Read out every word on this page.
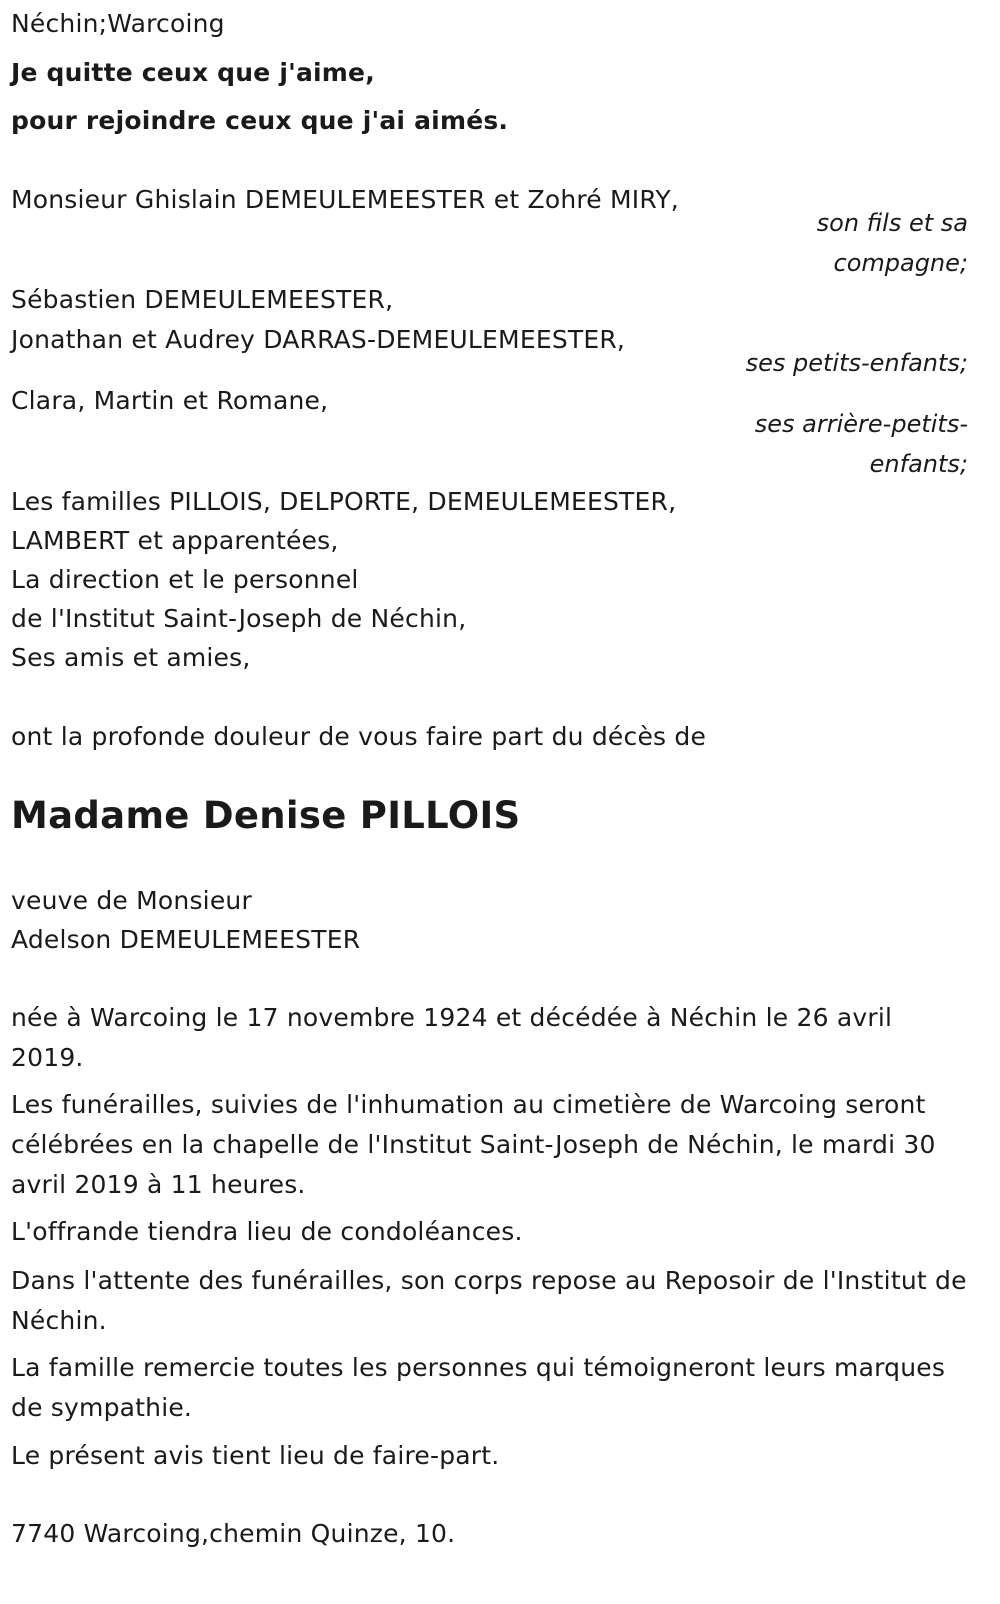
Néchin;Warcoing
Je quitte ceux que j'aime,
pour rejoindre ceux que j'ai aimés.
Monsieur Ghislain DEMEULEMEESTER et Zohré MIRY,
son fils et sa compagne;
Sébastien DEMEULEMEESTER,
Jonathan et Audrey DARRAS-DEMEULEMEESTER,
ses petits-enfants;
Clara, Martin et Romane,
ses arrière-petits-enfants;
Les familles PILLOIS, DELPORTE, DEMEULEMEESTER,
LAMBERT et apparentées,
La direction et le personnel
de l'Institut Saint-Joseph de Néchin,
Ses amis et amies,
ont la profonde douleur de vous faire part du décès de
Madame Denise PILLOIS
veuve de Monsieur
Adelson DEMEULEMEESTER
née à Warcoing le 17 novembre 1924 et décédée à Néchin le 26 avril 2019.
Les funérailles, suivies de l'inhumation au cimetière de Warcoing seront célébrées en la chapelle de l'Institut Saint-Joseph de Néchin, le mardi 30 avril 2019 à 11 heures.
L'offrande tiendra lieu de condoléances.
Dans l'attente des funérailles, son corps repose au Reposoir de l'Institut de Néchin.
La famille remercie toutes les personnes qui témoigneront leurs marques de sympathie.
Le présent avis tient lieu de faire-part.
7740 Warcoing,chemin Quinze, 10.
